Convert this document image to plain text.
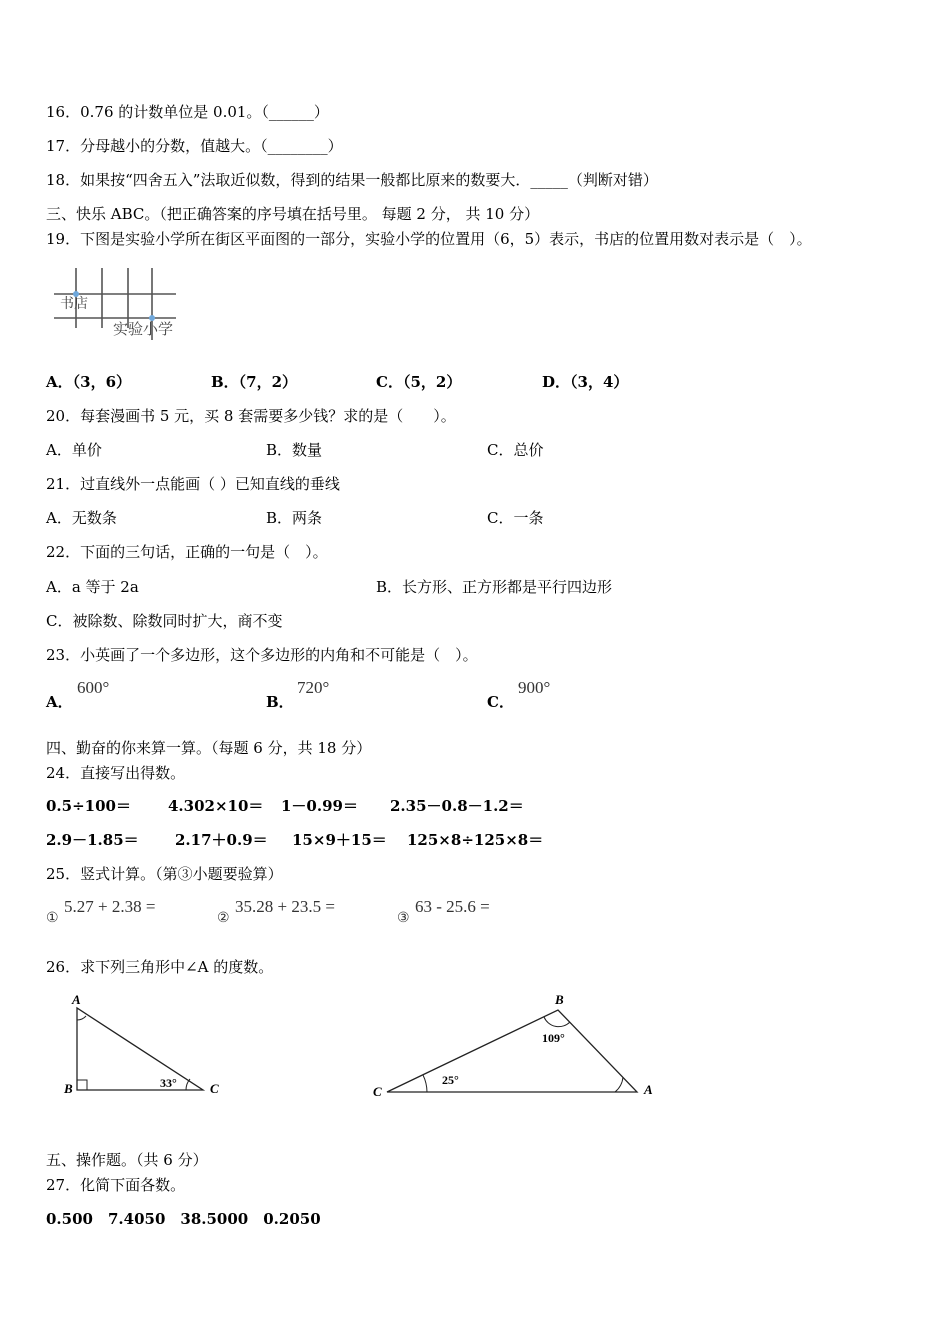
16．0.76 的计数单位是 0.01。（______）
17．分母越小的分数，值越大。（________）
18．如果按“四舍五入”法取近似数，得到的结果一般都比原来的数要大．_____（判断对错）
三、快乐 ABC。（把正确答案的序号填在括号里。 每题 2 分， 共 10 分）
19．下图是实验小学所在街区平面图的一部分，实验小学的位置用（6，5）表示，书店的位置用数对表示是（　）。
书店
实验小学
A．（3，6）	B．（7，2）	C．（5，2）	D．（3，4）
20．每套漫画书 5 元，买 8 套需要多少钱？求的是（　　）。
A．单价	B．数量	C．总价
21．过直线外一点能画（ ）已知直线的垂线
A．无数条	B．两条	C．一条
22．下面的三句话，正确的一句是（　）。
A．a 等于 2a	B．长方形、正方形都是平行四边形
C．被除数、除数同时扩大，商不变
23．小英画了一个多边形，这个多边形的内角和不可能是（　）。
A．
600°
B．
720°
C．
900°
四、勤奋的你来算一算。（每题 6 分，共 18 分）
24．直接写出得数。
0.5÷100＝ 4.302×10＝ 1－0.99＝ 2.35－0.8－1.2＝
2.9－1.85＝ 2.17＋0.9＝ 15×9＋15＝ 125×8÷125×8＝
25．竖式计算。（第③小题要验算）
①
5.27 + 2.38 =
②
35.28 + 23.5 =
③
63 - 25.6 =
26．求下列三角形中∠A 的度数。
A
B	C
33°
B
C	A
109°
25°
五、操作题。（共 6 分）
27．化简下面各数。
0.500　7.4050　38.5000　0.2050
